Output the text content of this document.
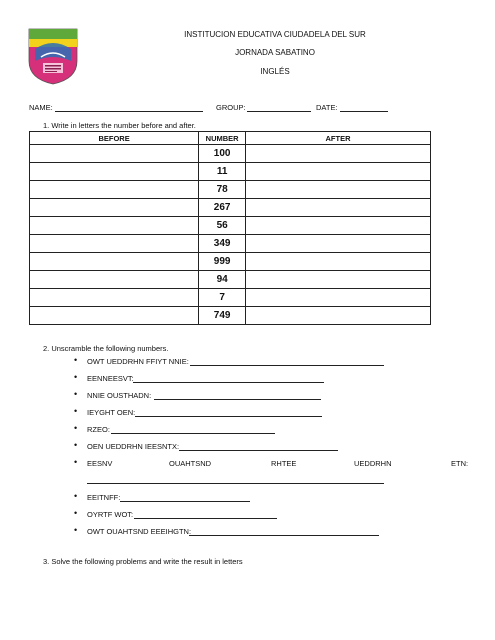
INSTITUCION EDUCATIVA CIUDADELA DEL SUR
JORNADA SABATINO
INGLÉS
NAME:	GROUP:	DATE:
1. Write in letters the number before and after.
BEFORE	NUMBER	AFTER
	100	
	11	
	78	
	267	
	56	
	349	
	999	
	94	
	7	
	749	
2. Unscramble the following numbers.
• OWT UEDDRHN FFIYT NNIE:
• EENNEESVT:
• NNIE OUSTHADN:
• IEYGHT OEN:
• RZEO:
• OEN UEDDRHN IEESNTX:
• EESNV	OUAHTSND	RHTEE	UEDDRHN	ETN:
• EEITNFF:
• OYRTF WOT:
• OWT OUAHTSND EEEIHGTN:
3. Solve the following problems and write the result in letters
